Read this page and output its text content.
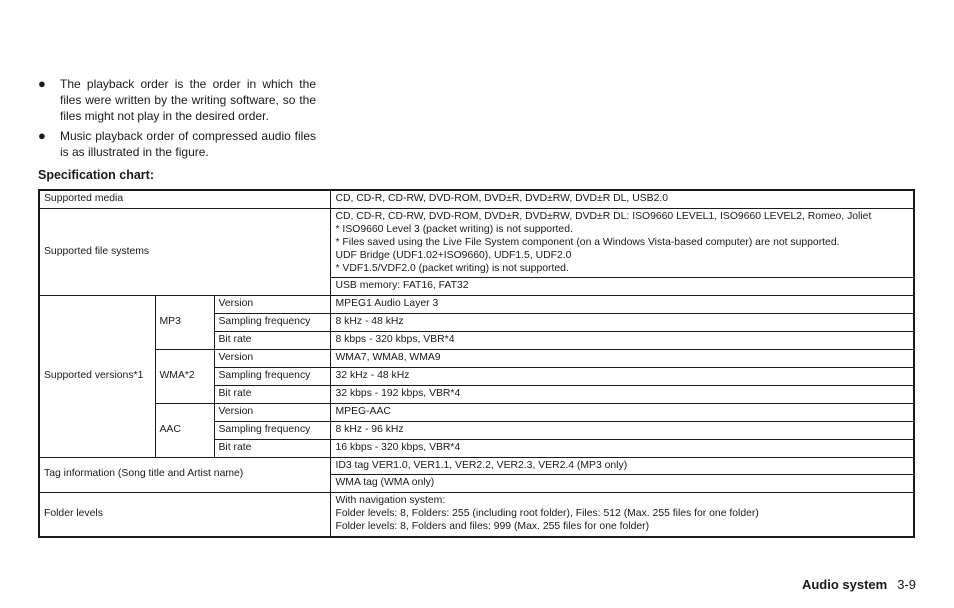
● The playback order is the order in which the files were written by the writing software, so the files might not play in the desired order.
● Music playback order of compressed audio files is as illustrated in the figure.
Specification chart:
Supported media			CD, CD-R, CD-RW, DVD-ROM, DVD±R, DVD±RW, DVD±R DL, USB2.0
Supported file systems			CD, CD-R, CD-RW, DVD-ROM, DVD±R, DVD±RW, DVD±R DL: ISO9660 LEVEL1, ISO9660 LEVEL2, Romeo, Joliet
* ISO9660 Level 3 (packet writing) is not supported.
* Files saved using the Live File System component (on a Windows Vista-based computer) are not supported.
UDF Bridge (UDF1.02+ISO9660), UDF1.5, UDF2.0
* VDF1.5/VDF2.0 (packet writing) is not supported.

			USB memory: FAT16, FAT32
Supported versions*1	MP3	Version	MPEG1 Audio Layer 3
		Sampling frequency	8 kHz - 48 kHz
		Bit rate	8 kbps - 320 kbps, VBR*4
	WMA*2	Version	WMA7, WMA8, WMA9
		Sampling frequency	32 kHz - 48 kHz
		Bit rate	32 kbps - 192 kbps, VBR*4
	AAC	Version	MPEG-AAC
		Sampling frequency	8 kHz - 96 kHz
		Bit rate	16 kbps - 320 kbps, VBR*4
Tag information (Song title and Artist name)			ID3 tag VER1.0, VER1.1, VER2.2, VER2.3, VER2.4 (MP3 only)
			WMA tag (WMA only)
Folder levels			With navigation system:
Folder levels: 8, Folders: 255 (including root folder), Files: 512 (Max. 255 files for one folder)
Folder levels: 8, Folders and files: 999 (Max. 255 files for one folder)
Audio system 3-9
